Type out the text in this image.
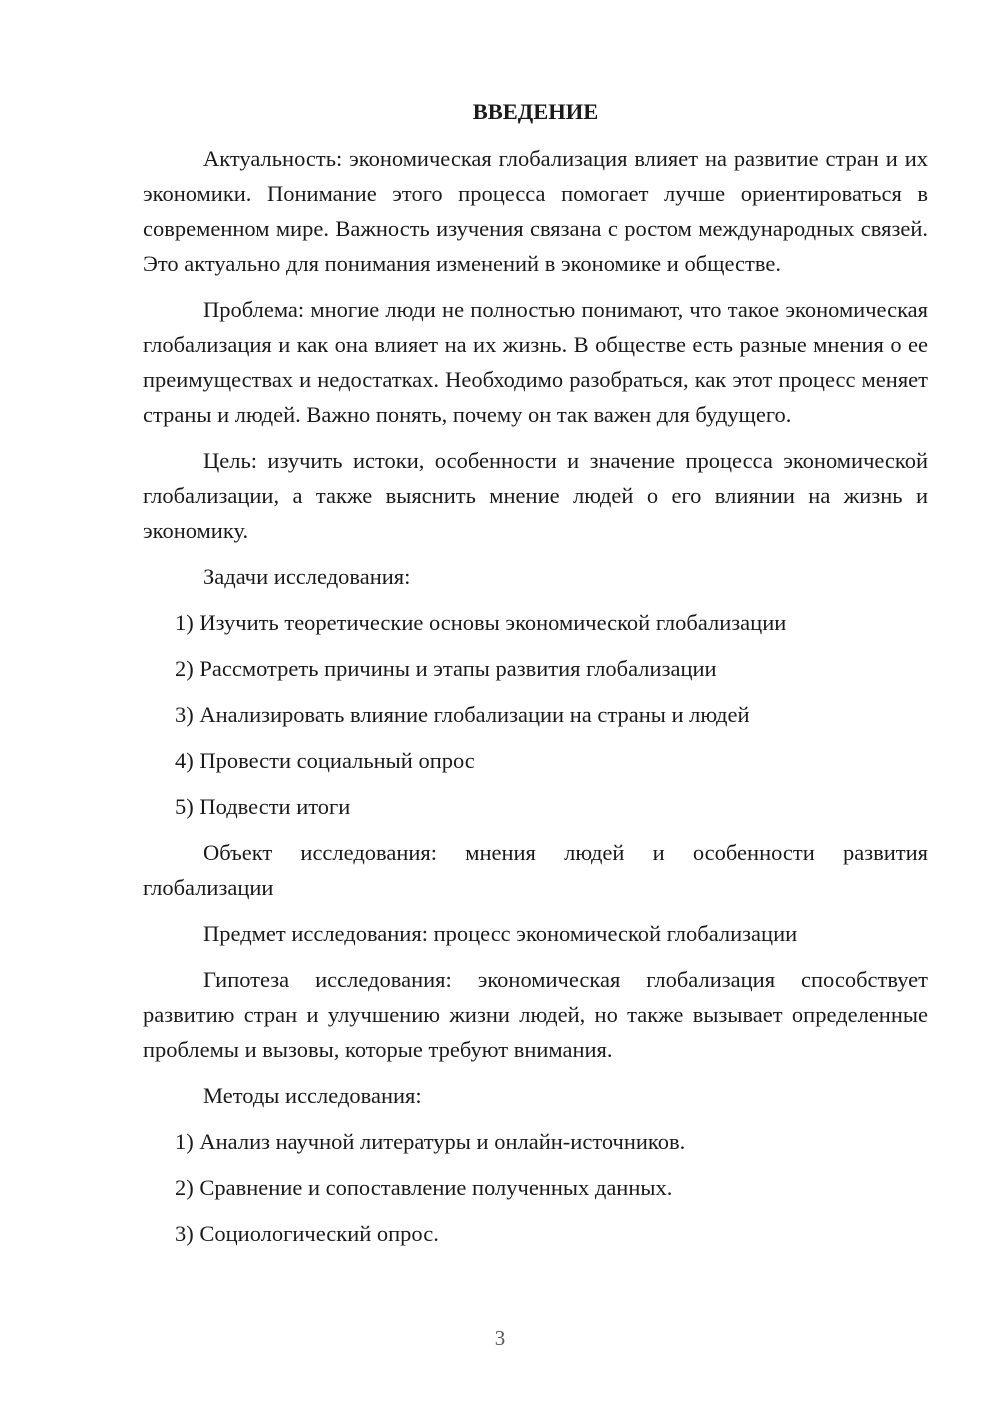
ВВЕДЕНИЕ
Актуальность: экономическая глобализация влияет на развитие стран и их экономики. Понимание этого процесса помогает лучше ориентироваться в современном мире. Важность изучения связана с ростом международных связей. Это актуально для понимания изменений в экономике и обществе.
Проблема: многие люди не полностью понимают, что такое экономическая глобализация и как она влияет на их жизнь. В обществе есть разные мнения о ее преимуществах и недостатках. Необходимо разобраться, как этот процесс меняет страны и людей. Важно понять, почему он так важен для будущего.
Цель: изучить истоки, особенности и значение процесса экономической глобализации, а также выяснить мнение людей о его влиянии на жизнь и экономику.
Задачи исследования:
1) Изучить теоретические основы экономической глобализации
2) Рассмотреть причины и этапы развития глобализации
3) Анализировать влияние глобализации на страны и людей
4) Провести социальный опрос
5) Подвести итоги
Объект исследования: мнения людей и особенности развития глобализации
Предмет исследования: процесс экономической глобализации
Гипотеза исследования: экономическая глобализация способствует развитию стран и улучшению жизни людей, но также вызывает определенные проблемы и вызовы, которые требуют внимания.
Методы исследования:
1) Анализ научной литературы и онлайн-источников.
2) Сравнение и сопоставление полученных данных.
3) Социологический опрос.
3
